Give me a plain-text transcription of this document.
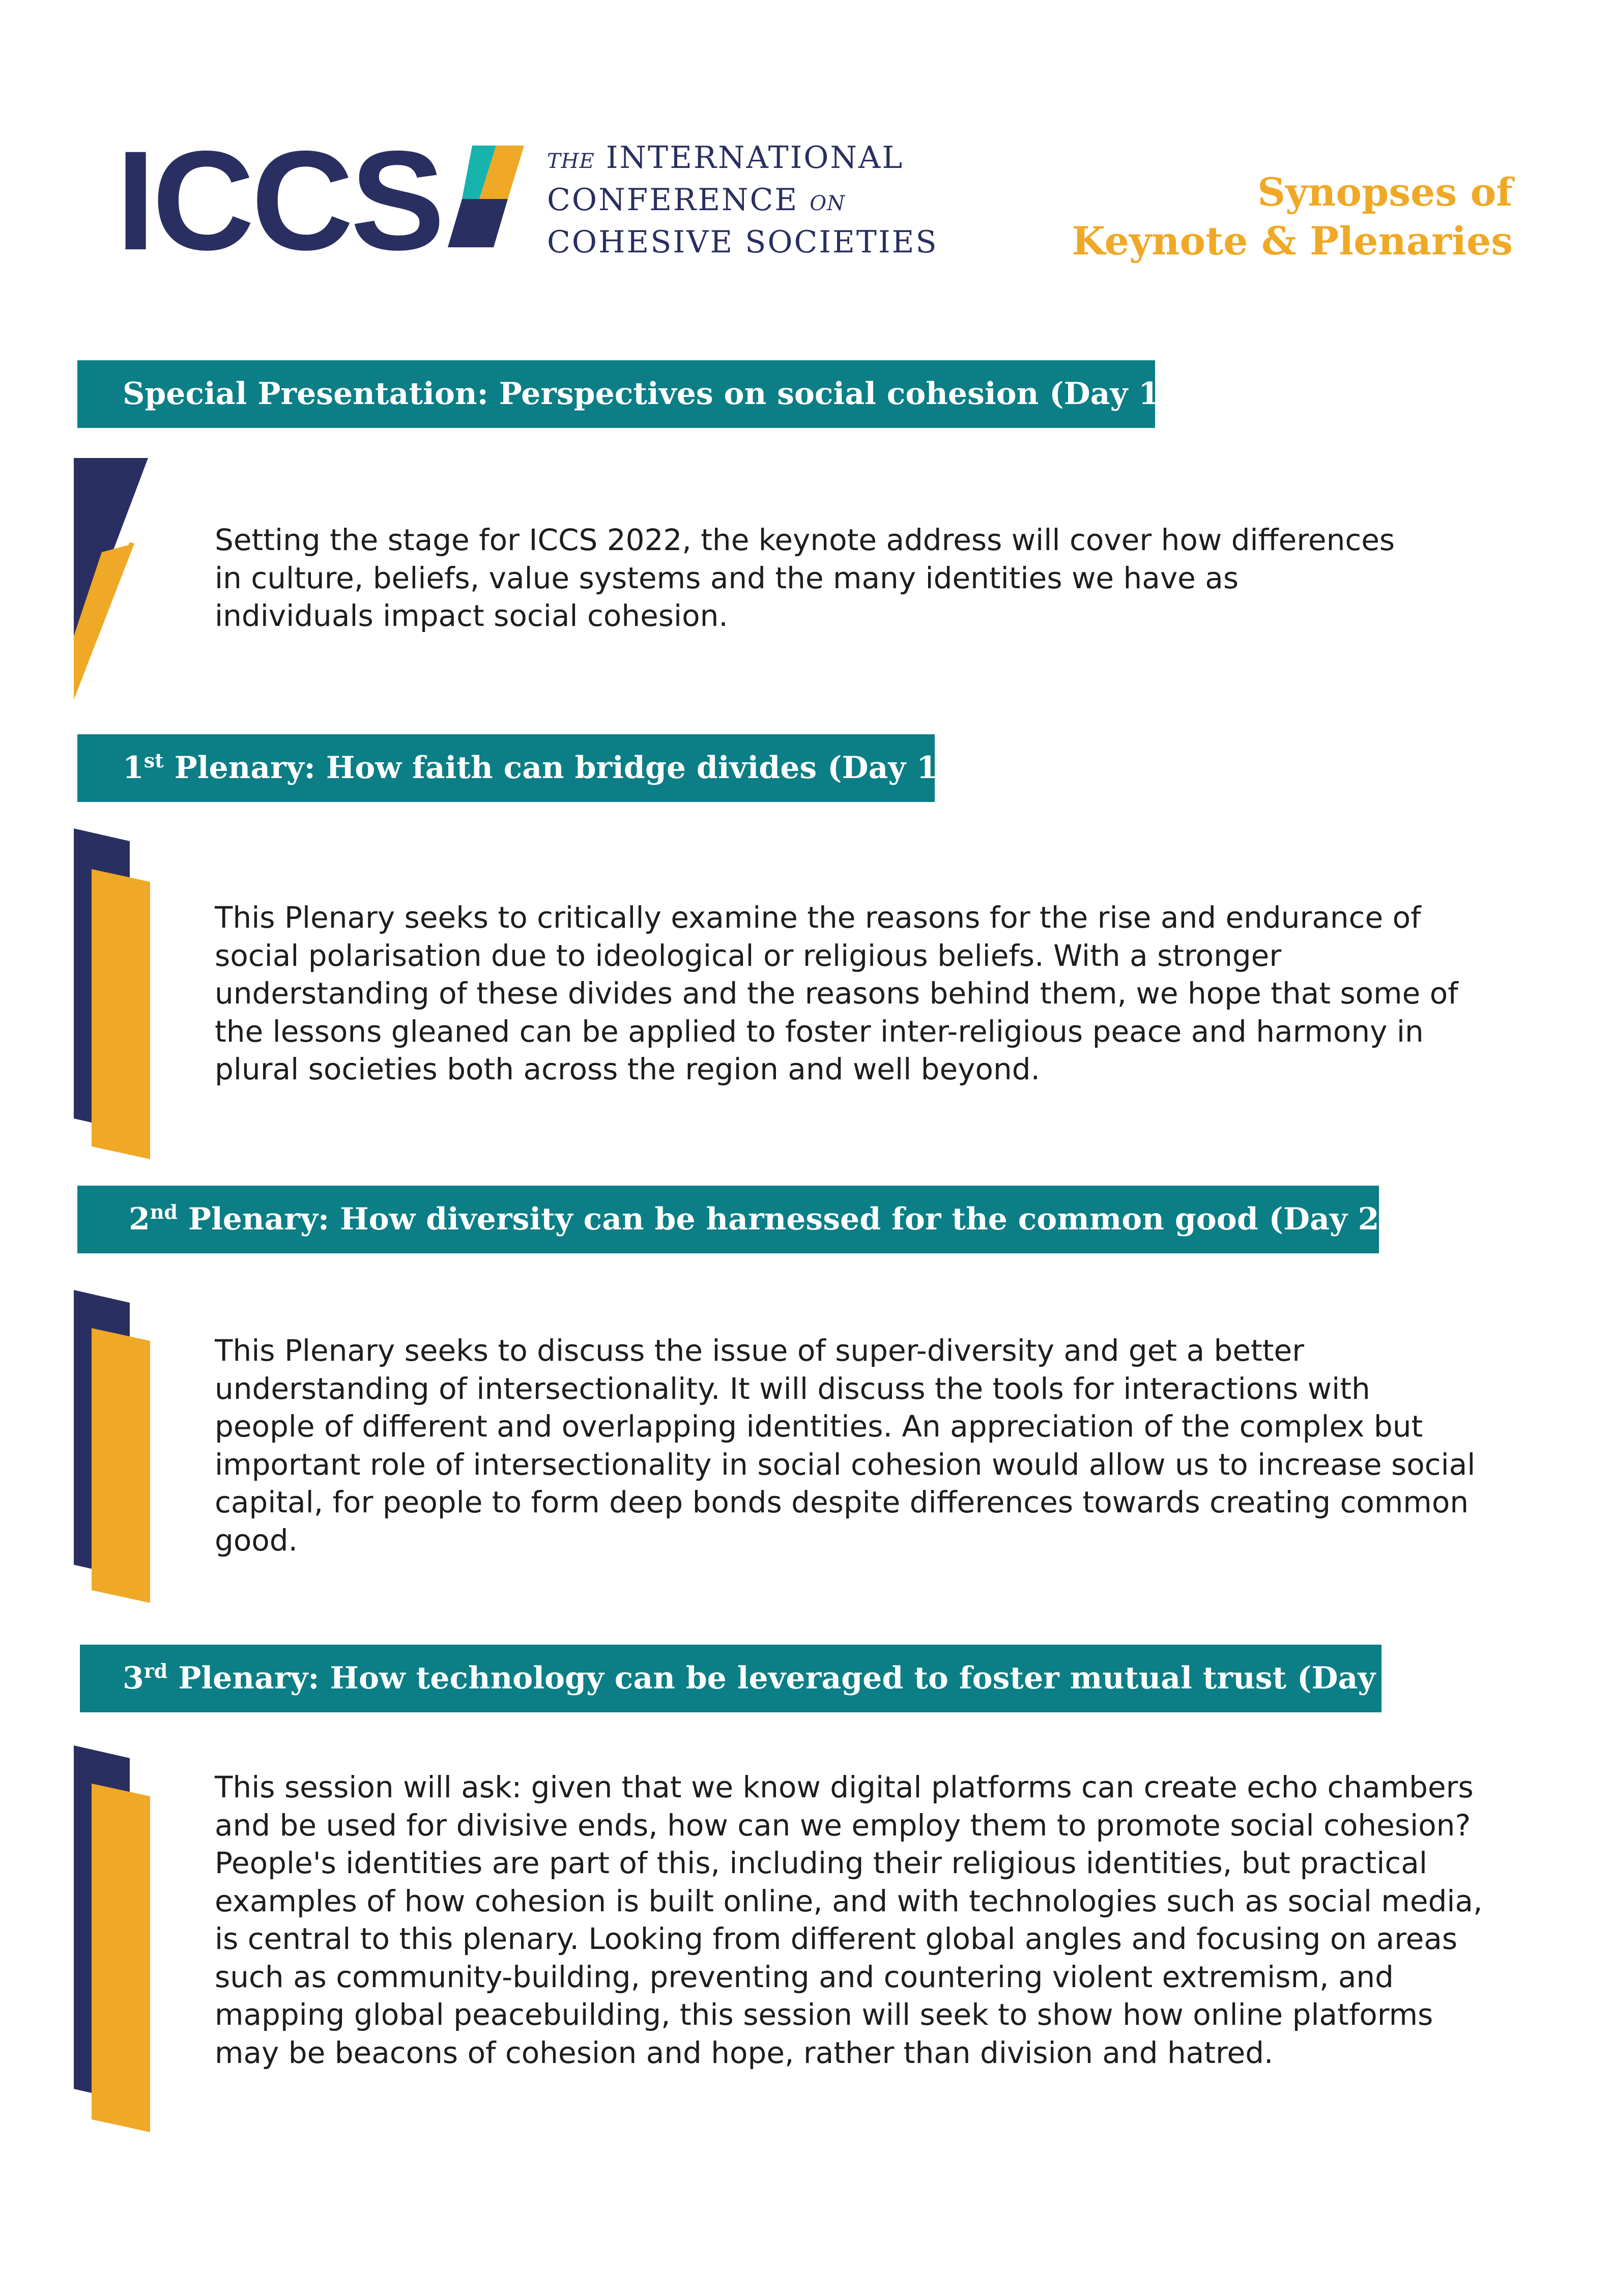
ICCS	THE INTERNATIONAL
CONFERENCE ON
COHESIVE SOCIETIES
Synopses of
Keynote & Plenaries
Special Presentation: Perspectives on social cohesion (Day 1)

Setting the stage for ICCS 2022, the keynote address will cover how differences in culture, beliefs, value systems and the many identities we have as individuals impact social cohesion.

1st Plenary: How faith can bridge divides (Day 1)

This Plenary seeks to critically examine the reasons for the rise and endurance of social polarisation due to ideological or religious beliefs. With a stronger understanding of these divides and the reasons behind them, we hope that some of the lessons gleaned can be applied to foster inter-religious peace and harmony in plural societies both across the region and well beyond.

2nd Plenary: How diversity can be harnessed for the common good (Day 2)

This Plenary seeks to discuss the issue of super-diversity and get a better understanding of intersectionality. It will discuss the tools for interactions with people of different and overlapping identities. An appreciation of the complex but important role of intersectionality in social cohesion would allow us to increase social capital, for people to form deep bonds despite differences towards creating common good.

3rd Plenary: How technology can be leveraged to foster mutual trust (Day 2)

This session will ask: given that we know digital platforms can create echo chambers and be used for divisive ends, how can we employ them to promote social cohesion? People's identities are part of this, including their religious identities, but practical examples of how cohesion is built online, and with technologies such as social media, is central to this plenary. Looking from different global angles and focusing on areas such as community-building, preventing and countering violent extremism, and mapping global peacebuilding, this session will seek to show how online platforms may be beacons of cohesion and hope, rather than division and hatred.
